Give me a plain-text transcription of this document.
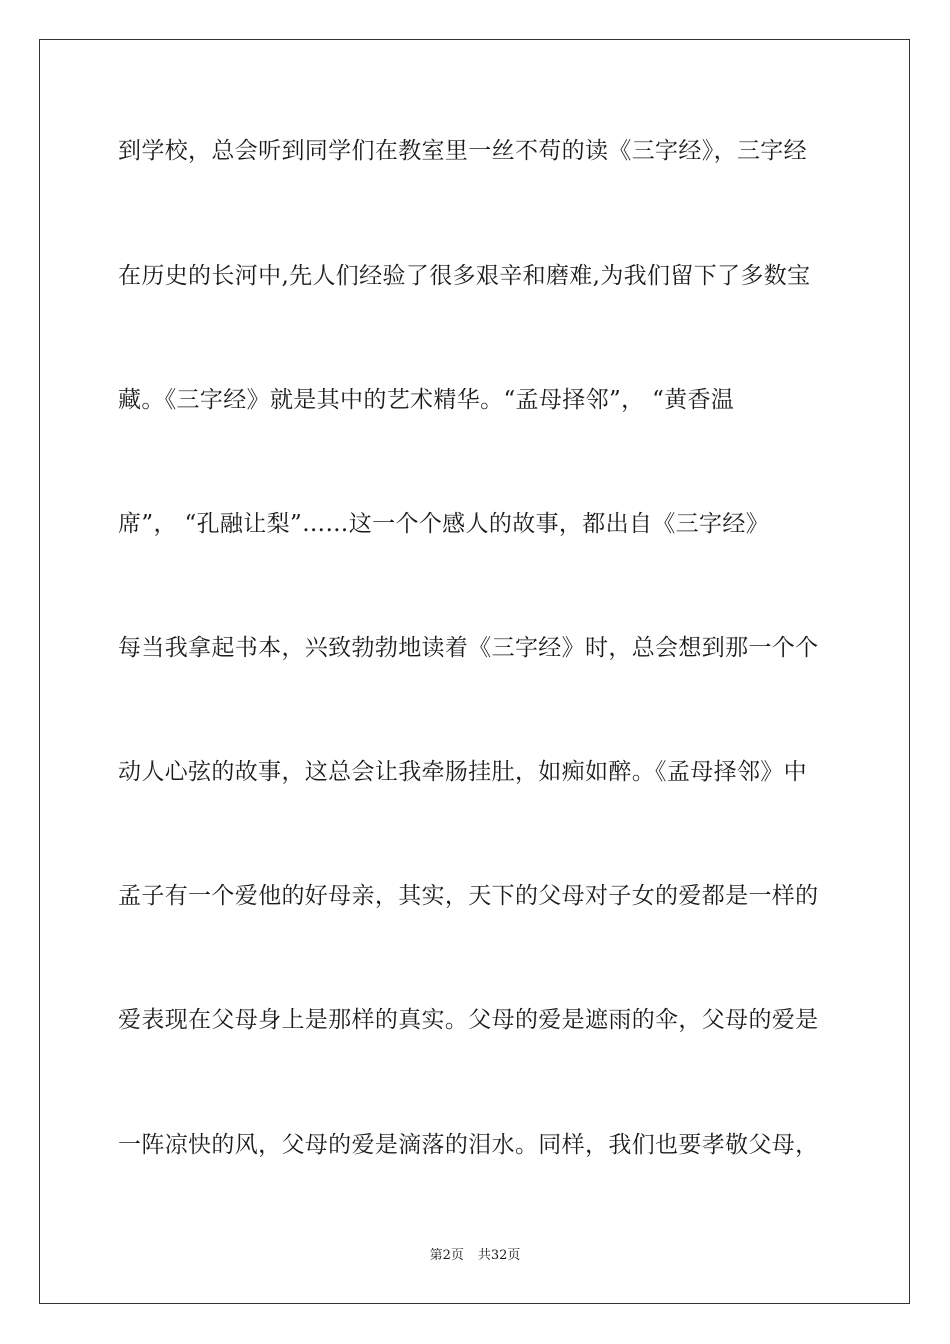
到学校，总会听到同学们在教室里一丝不苟的读《三字经》，三字经
在历史的长河中,先人们经验了很多艰辛和磨难,为我们留下了多数宝
藏。《三字经》就是其中的艺术精华。“孟母择邻”， “黄香温
席”， “孔融让梨”……这一个个感人的故事，都出自《三字经》
每当我拿起书本，兴致勃勃地读着《三字经》时，总会想到那一个个
动人心弦的故事，这总会让我牵肠挂肚，如痴如醉。《孟母择邻》中
孟子有一个爱他的好母亲，其实，天下的父母对子女的爱都是一样的
爱表现在父母身上是那样的真实。父母的爱是遮雨的伞，父母的爱是
一阵凉快的风，父母的爱是滴落的泪水。同样，我们也要孝敬父母，
第2页 共32页
